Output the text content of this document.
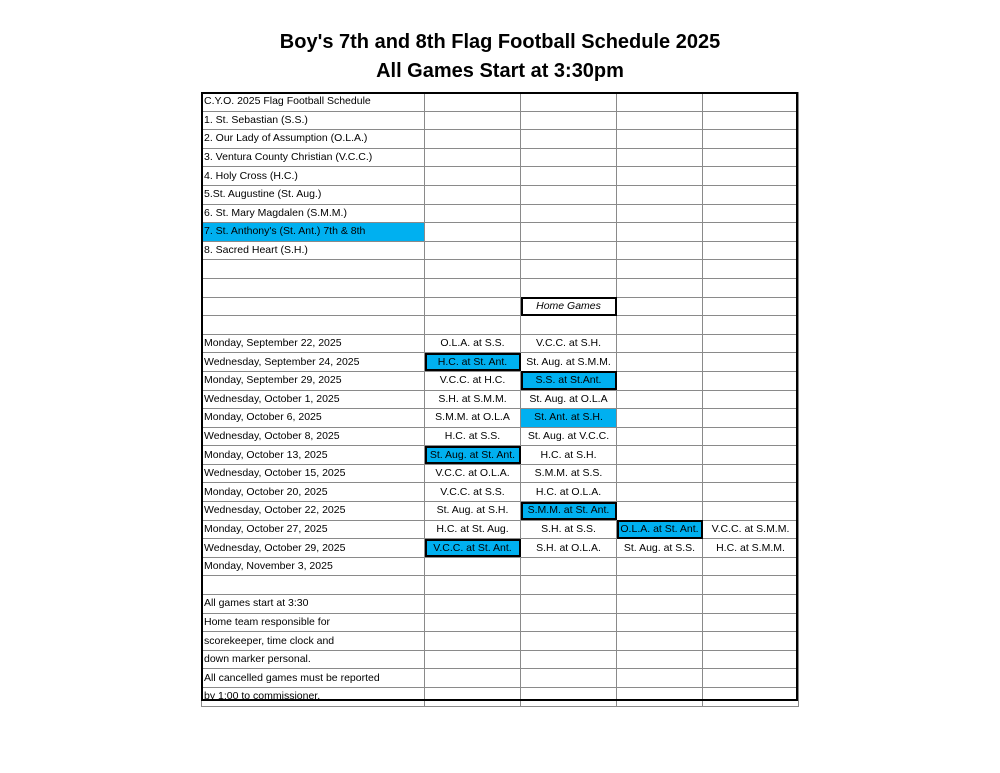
Boy's 7th and 8th Flag Football Schedule 2025
All Games Start at 3:30pm
C.Y.O. 2025 Flag Football Schedule				
1. St. Sebastian (S.S.)				
2. Our Lady of Assumption (O.L.A.)				
3. Ventura County Christian (V.C.C.)				
4. Holy Cross (H.C.)				
5.St. Augustine (St. Aug.)				
6. St. Mary Magdalen (S.M.M.)				
7. St. Anthony's (St. Ant.) 7th & 8th				
8. Sacred Heart (S.H.)				

		Home Games		

Monday, September 22, 2025	O.L.A. at S.S.	V.C.C. at S.H.		
Wednesday, September 24, 2025	H.C. at St. Ant.	St. Aug. at S.M.M.		
Monday, September 29, 2025	V.C.C. at H.C.	S.S. at St.Ant.		
Wednesday, October 1, 2025	S.H. at S.M.M.	St. Aug. at O.L.A		
Monday, October 6, 2025	S.M.M. at O.L.A	St. Ant. at S.H.		
Wednesday, October 8, 2025	H.C. at S.S.	St. Aug. at V.C.C.		
Monday, October 13, 2025	St. Aug. at St. Ant.	H.C. at S.H.		
Wednesday, October 15, 2025	V.C.C. at O.L.A.	S.M.M. at S.S.		
Monday, October 20, 2025	V.C.C. at S.S.	H.C. at O.L.A.		
Wednesday, October 22, 2025	St. Aug. at S.H.	S.M.M. at St. Ant.		
Monday, October 27, 2025	H.C. at St. Aug.	S.H. at S.S.	O.L.A. at St. Ant.	V.C.C. at S.M.M.
Wednesday, October 29, 2025	V.C.C. at St. Ant.	S.H. at O.L.A.	St. Aug. at S.S.	H.C. at S.M.M.
Monday, November 3, 2025				

All games start at 3:30				
Home team responsible for				
scorekeeper, time clock and				
down marker personal.				
All cancelled games must be reported				
by 1:00 to commissioner.				
